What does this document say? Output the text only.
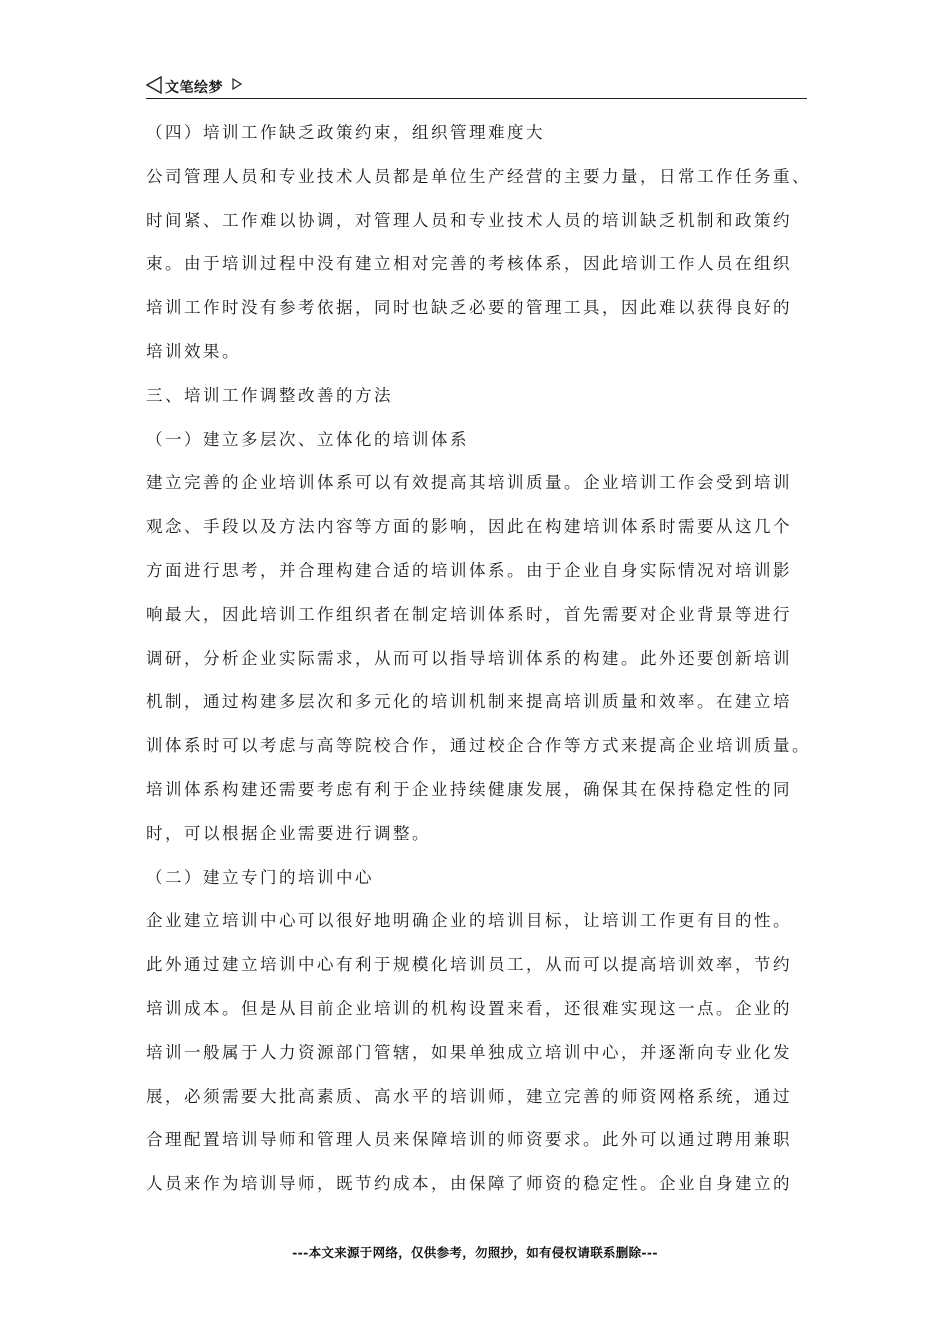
文笔绘梦
（四）培训工作缺乏政策约束，组织管理难度大
公司管理人员和专业技术人员都是单位生产经营的主要力量，日常工作任务重、
时间紧、工作难以协调，对管理人员和专业技术人员的培训缺乏机制和政策约
束。由于培训过程中没有建立相对完善的考核体系，因此培训工作人员在组织
培训工作时没有参考依据，同时也缺乏必要的管理工具，因此难以获得良好的
培训效果。
三、培训工作调整改善的方法
（一）建立多层次、立体化的培训体系
建立完善的企业培训体系可以有效提高其培训质量。企业培训工作会受到培训
观念、手段以及方法内容等方面的影响，因此在构建培训体系时需要从这几个
方面进行思考，并合理构建合适的培训体系。由于企业自身实际情况对培训影
响最大，因此培训工作组织者在制定培训体系时，首先需要对企业背景等进行
调研，分析企业实际需求，从而可以指导培训体系的构建。此外还要创新培训
机制，通过构建多层次和多元化的培训机制来提高培训质量和效率。在建立培
训体系时可以考虑与高等院校合作，通过校企合作等方式来提高企业培训质量。
培训体系构建还需要考虑有利于企业持续健康发展，确保其在保持稳定性的同
时，可以根据企业需要进行调整。
（二）建立专门的培训中心
企业建立培训中心可以很好地明确企业的培训目标，让培训工作更有目的性。
此外通过建立培训中心有利于规模化培训员工，从而可以提高培训效率，节约
培训成本。但是从目前企业培训的机构设置来看，还很难实现这一点。企业的
培训一般属于人力资源部门管辖，如果单独成立培训中心，并逐渐向专业化发
展，必须需要大批高素质、高水平的培训师，建立完善的师资网格系统，通过
合理配置培训导师和管理人员来保障培训的师资要求。此外可以通过聘用兼职
人员来作为培训导师，既节约成本，由保障了师资的稳定性。企业自身建立的
---本文来源于网络，仅供参考，勿照抄，如有侵权请联系删除---
